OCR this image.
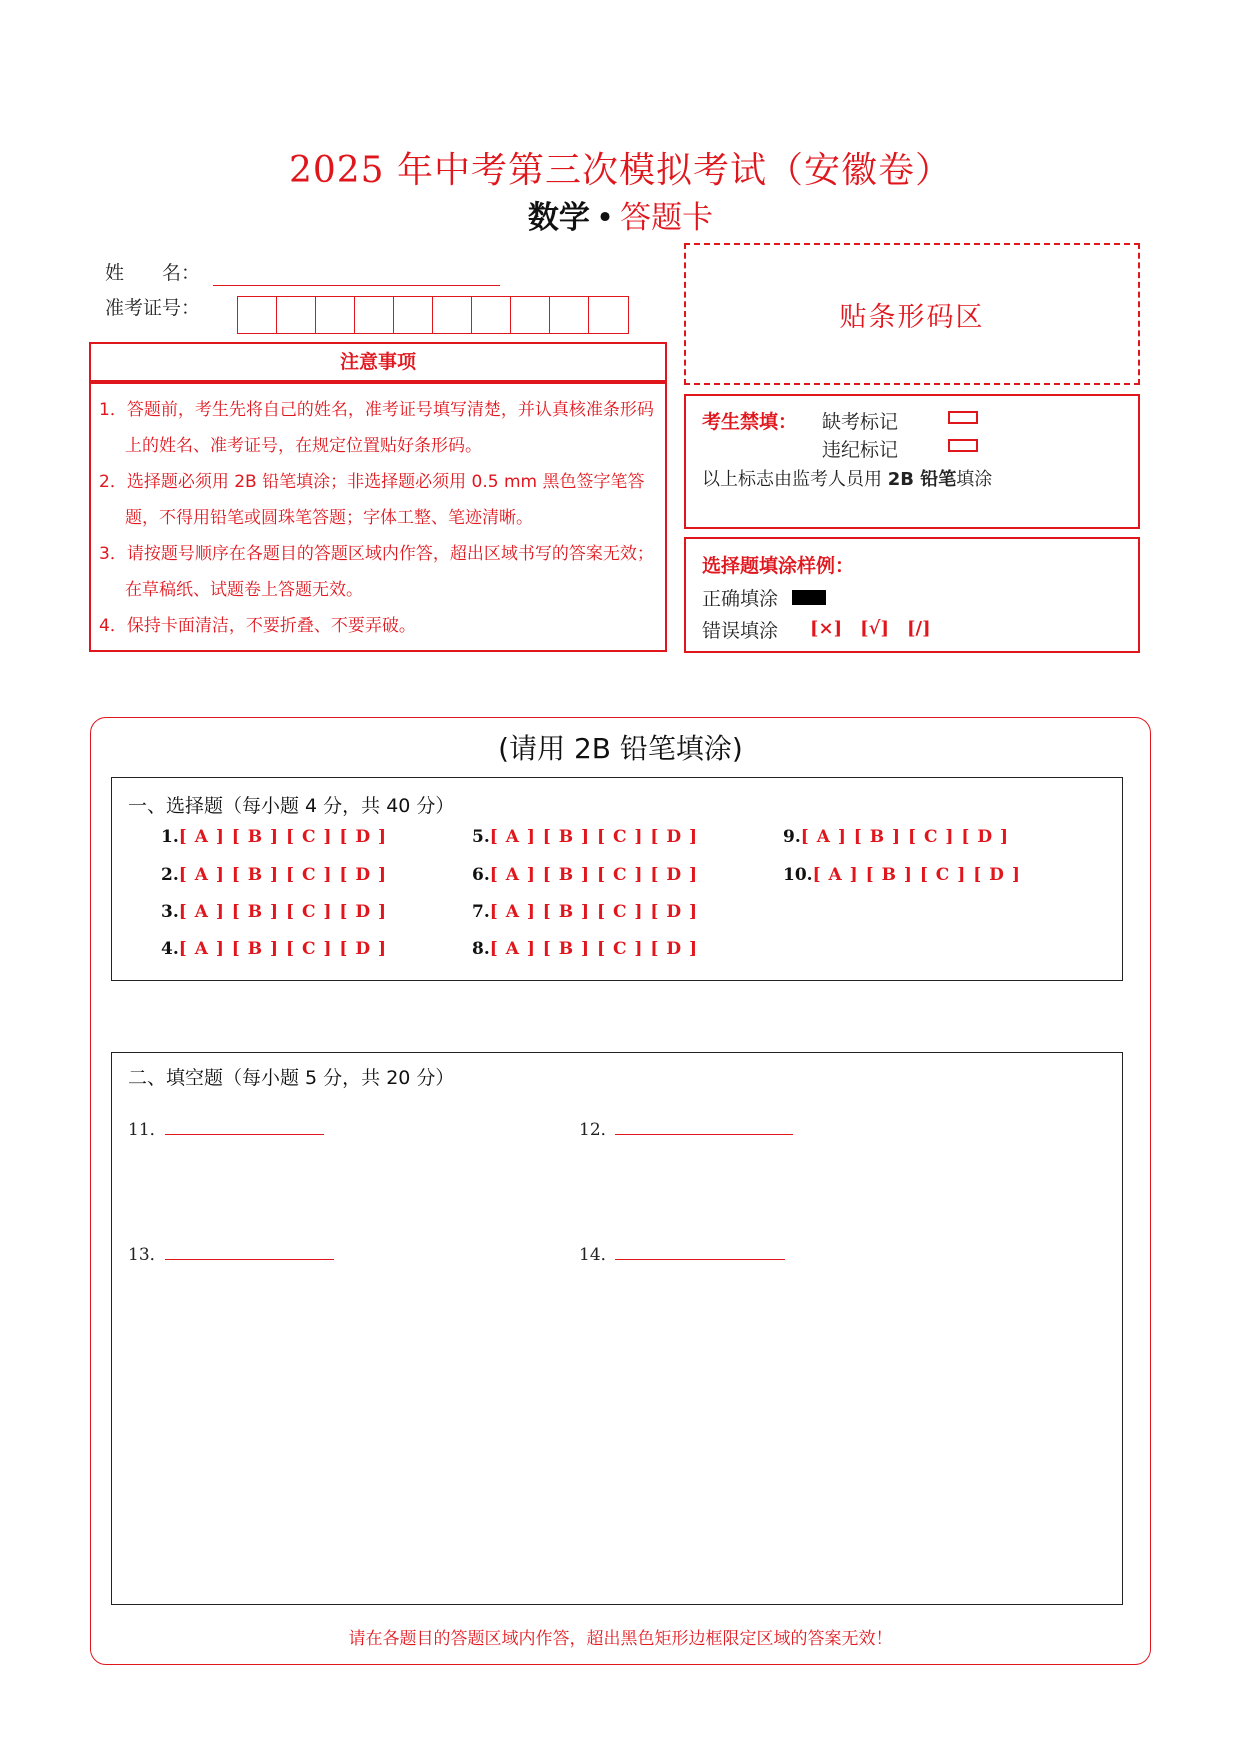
2025 年中考第三次模拟考试（安徽卷）
数学 • 答题卡
姓　　名：
准考证号：
注意事项
1．答题前，考生先将自己的姓名，准考证号填写清楚，并认真核准条形码上的姓名、准考证号，在规定位置贴好条形码。
2．选择题必须用 2B 铅笔填涂；非选择题必须用 0.5 mm 黑色签字笔答题，不得用铅笔或圆珠笔答题；字体工整、笔迹清晰。
3．请按题号顺序在各题目的答题区域内作答，超出区域书写的答案无效；在草稿纸、试题卷上答题无效。
4．保持卡面清洁，不要折叠、不要弄破。
贴条形码区
考生禁填： 缺考标记
违纪标记
以上标志由监考人员用 2B 铅笔填涂
选择题填涂样例：
正确填涂
错误填涂 [×] [√] [/]
(请用 2B 铅笔填涂)
一、选择题（每小题 4 分，共 40 分）
1.[ A ] [ B ] [ C ] [ D ]
2.[ A ] [ B ] [ C ] [ D ]
3.[ A ] [ B ] [ C ] [ D ]
4.[ A ] [ B ] [ C ] [ D ]
5.[ A ] [ B ] [ C ] [ D ]
6.[ A ] [ B ] [ C ] [ D ]
7.[ A ] [ B ] [ C ] [ D ]
8.[ A ] [ B ] [ C ] [ D ]
9.[ A ] [ B ] [ C ] [ D ]
10.[ A ] [ B ] [ C ] [ D ]
二、填空题（每小题 5 分，共 20 分）
11．	12．
13．	14．
请在各题目的答题区域内作答，超出黑色矩形边框限定区域的答案无效！
